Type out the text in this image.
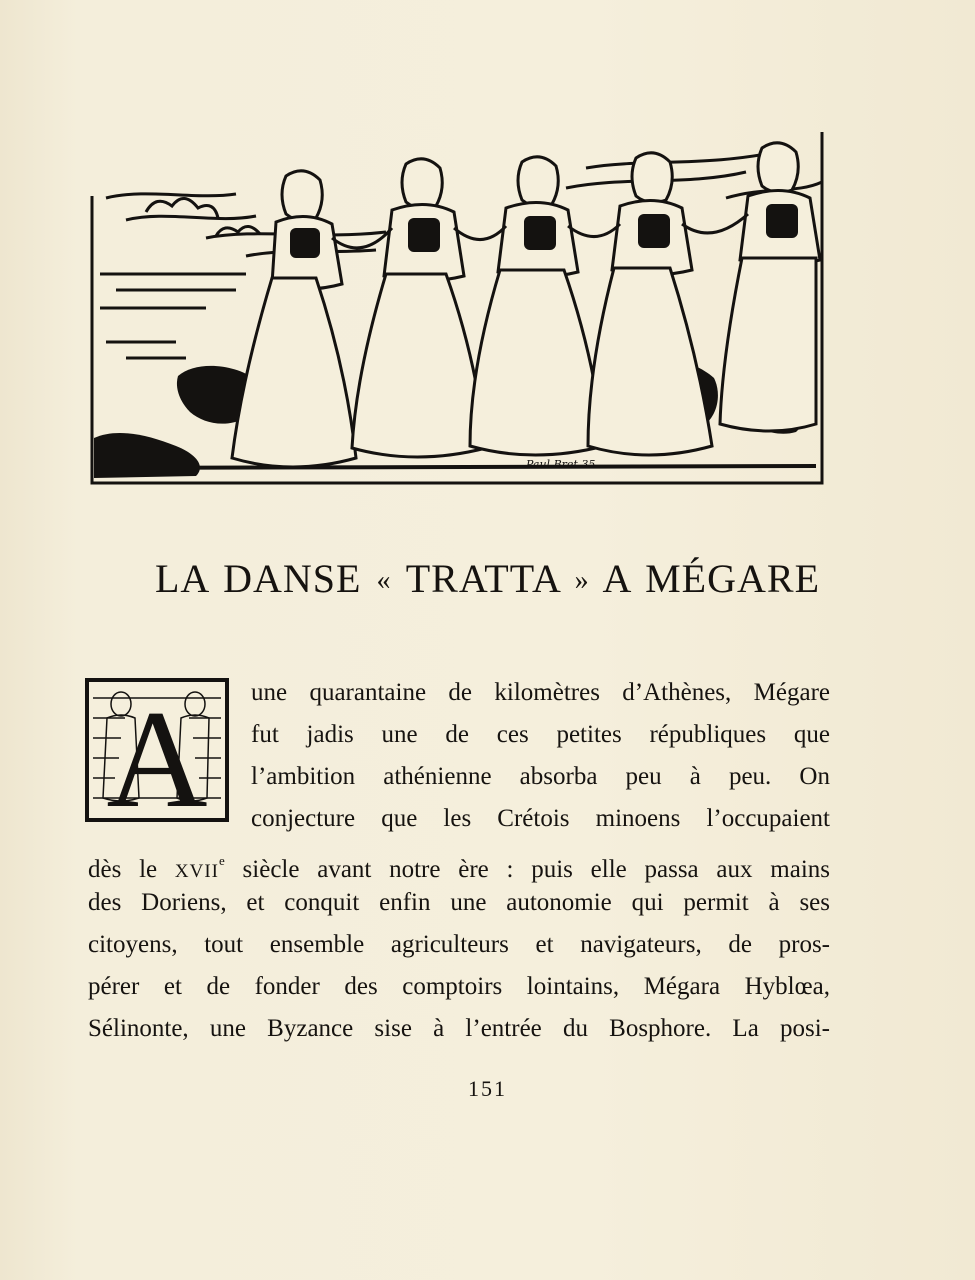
Paul Bret 35
LA DANSE « TRATTA » A MÉGARE
A une quarantaine de kilomètres d’Athènes, Mégare
fut jadis une de ces petites républiques que
l’ambition athénienne absorba peu à peu. On
conjecture que les Crétois minoens l’occupaient
dès le XVIIe siècle avant notre ère : puis elle passa aux mains
des Doriens, et conquit enfin une autonomie qui permit à ses
citoyens, tout ensemble agriculteurs et navigateurs, de pros-
pérer et de fonder des comptoirs lointains, Mégara Hyblœa,
Sélinonte, une Byzance sise à l’entrée du Bosphore. La posi-
151
